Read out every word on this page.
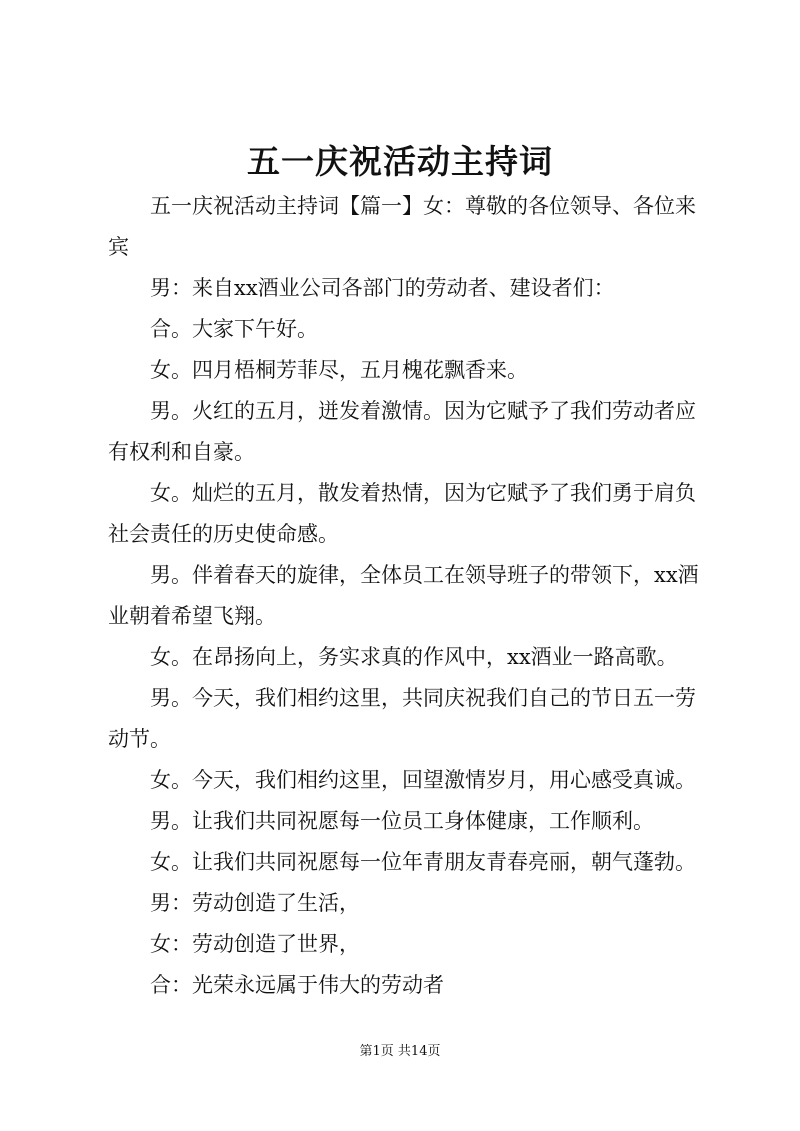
五一庆祝活动主持词

五一庆祝活动主持词【篇一】女：尊敬的各位领导、各位来宾

男：来自xx酒业公司各部门的劳动者、建设者们：

合。大家下午好。

女。四月梧桐芳菲尽，五月槐花飘香来。

男。火红的五月，迸发着激情。因为它赋予了我们劳动者应有权利和自豪。

女。灿烂的五月，散发着热情，因为它赋予了我们勇于肩负社会责任的历史使命感。

男。伴着春天的旋律，全体员工在领导班子的带领下，xx酒业朝着希望飞翔。

女。在昂扬向上，务实求真的作风中，xx酒业一路高歌。

男。今天，我们相约这里，共同庆祝我们自己的节日五一劳动节。

女。今天，我们相约这里，回望激情岁月，用心感受真诚。

男。让我们共同祝愿每一位员工身体健康，工作顺利。

女。让我们共同祝愿每一位年青朋友青春亮丽，朝气蓬勃。

男：劳动创造了生活，

女：劳动创造了世界，

合：光荣永远属于伟大的劳动者

第1页 共14页
